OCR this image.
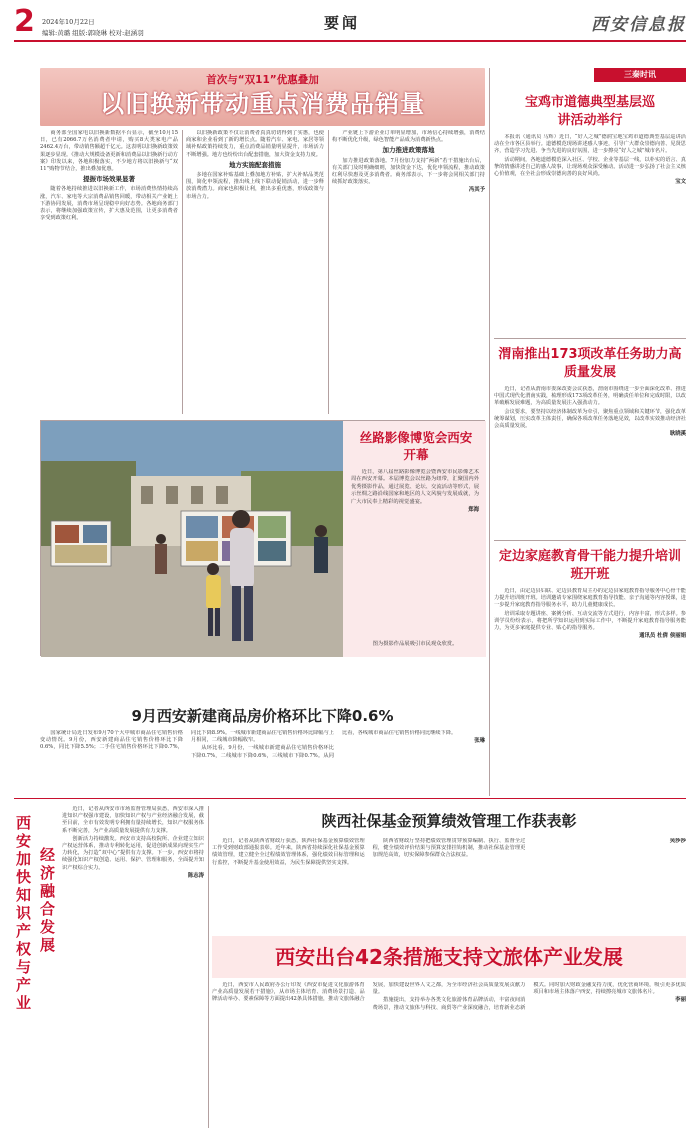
2 2024年10月22日
编辑:黄璐 组版:郭晓琳 校对:赵涵羽
要闻	西安信息报
首次与“双11”优惠叠加
以旧换新带动重点消费品销量

商务部全国家电以旧换新数据平台显示，截至10月15日，已有2066.7万名消费者申请，购买8大类家电产品2462.4万台，带动销售额超千亿元。这表明以旧换新政策效果逐步显现。《推动大规模设备更新和消费品以旧换新行动方案》印发以来，各地积极落实，不少地方将以旧换新与“双11”购物节结合，推出叠加优惠。

提振市场效果显著

随着各地持续推进以旧换新工作，市场消费热情持续高涨，汽车、家电等大宗消费品销售回暖，带动相关产业链上下游协同发展，消费市场呈现稳中向好态势。各地商务部门表示，将继续加强政策宣传，扩大惠及范围，让更多消费者享受到政策红利。

以旧换新政策不仅让消费者真真切切得到了实惠，也使商家和企业看到了新的增长点。随着汽车、家电、家居等领域补贴政策持续发力，重点消费品销量明显提升，市场活力不断增强。地方也纷纷出台配套措施，加大资金支持力度。

地方实施配套措施

多地在国家补贴基础上叠加地方补贴，扩大补贴品类范围，简化申领流程，推出线上线下联动促销活动，进一步释放消费潜力。商家也积极让利，推出多重优惠，形成政策与市场合力。

产业链上下游企业订单明显增加，市场信心持续增强，消费结构不断优化升级，绿色智能产品成为消费新热点。

加力推进政策落地

加力推进政策落地。7月份加力支持“两新”若干措施出台后，有关部门及时明确细则，加快资金下达，优化申领流程，推动政策红利尽快惠及更多消费者。商务部表示，下一步将会同相关部门持续抓好政策落实。

冯其予
丝路影像博览会西安开幕

近日，第八届丝路影像博览会暨西安市民影像艺术周在西安开幕。本届博览会以丝路为纽带，汇聚国内外优秀摄影作品，通过展览、论坛、交流活动等形式，展示丝绸之路沿线国家和地区的人文风貌与发展成就，为广大市民奉上精彩的视觉盛宴。

郑海
图为摄影作品展吸引市民观众欣赏。
9月西安新建商品房价格环比下降0.6%

国家统计局近日发布9月70个大中城市商品住宅销售价格变动情况。9月份，西安新建商品住宅销售价格环比下降0.6%，同比下降5.5%；二手住宅销售价格环比下降0.7%，同比下降8.9%。一线城市新建商品住宅销售价格环比降幅与上月相同，二线城市降幅收窄。

从环比看，9月份，一线城市新建商品住宅销售价格环比下降0.7%，二线城市下降0.6%，三线城市下降0.7%。从同比看，各线城市商品住宅销售价格同比继续下降。

张琳
三秦时讯
宝鸡市道德典型基层巡讲活动举行

本报讯（通讯员 马辉）近日，“好人之城”德润宝地宝鸡市道德典型基层巡讲活动在全市各区县举行。道德模范现场讲述感人事迹，引导广大群众崇德向善、见贤思齐，营造学习先进、争当先进的良好氛围，进一步擦亮“好人之城”城市名片。

活动期间，各地道德模范深入社区、学校、企业等基层一线，以朴实的语言、真挚的情感讲述自己的感人故事，让现场观众深受触动。活动进一步弘扬了社会主义核心价值观，在全社会形成崇德向善的良好风尚。

宝文
渭南推出173项改革任务助力高质量发展

近日，记者从渭南市委深改委会议获悉，渭南市围绕进一步全面深化改革、推进中国式现代化渭南实践，梳理形成173项改革任务，明确责任单位和完成时限，以改革破解发展难题，为高质量发展注入强劲动力。

会议要求，要坚持以经济体制改革为牵引，聚焦重点领域和关键环节，强化改革统筹谋划，压实改革主体责任，确保各项改革任务落地见效，以改革实效推动经济社会高质量发展。

耿晓溪
定边家庭教育骨干能力提升培训班开班

近日，由定边县妇联、定边县教育局主办的定边县家庭教育指导服务中心骨干能力提升培训班开班。培训邀请专家围绕家庭教育指导技能、亲子沟通等内容授课，进一步提升家庭教育指导服务水平，助力儿童健康成长。

培训采取专题讲座、案例分析、互动交流等方式进行，内容丰富，形式多样。参训学员纷纷表示，将把所学知识运用到实际工作中，不断提升家庭教育指导服务能力，为更多家庭提供专业、贴心的指导服务。

通讯员 杜倩 侯丽娟
西安加快知识产权与产业
经济融合发展

近日，记者从西安市市场监督管理局获悉，西安市深入推进知识产权强市建设，加快知识产权与产业经济融合发展，截至目前，全市有效发明专利拥有量持续增长，知识产权服务体系不断完善，为产业高质量发展提供有力支撑。

创新活力持续激发。西安市支持高校院所、企业建立知识产权运营体系，推动专利转化运用，促进创新成果向现实生产力转化，为打造“双中心”提供有力支撑。下一步，西安市将持续强化知识产权创造、运用、保护、管理和服务，全面提升知识产权综合实力。

陈志涛
陕西社保基金预算绩效管理工作获表彰

近日，记者从陕西省财政厅获悉，陕西社保基金预算绩效管理工作受到财政部通报表彰。近年来，陕西省持续深化社保基金预算绩效管理，建立健全全过程绩效管理体系，强化绩效目标管理和运行监控，不断提升基金使用效益，为民生保障提供坚实支撑。

陕西省财政厅坚持把绩效管理贯穿预算编制、执行、监督全过程，健全绩效评价结果与预算安排挂钩机制，推动社保基金管理更加规范高效，切实保障参保群众合法权益。

吴莎莎
西安出台42条措施支持文旅体产业发展

近日，西安市人民政府办公厅印发《西安市促进文化旅游体育产业高质量发展若干措施》，从市场主体培育、消费场景打造、品牌活动举办、要素保障等方面提出42条具体措施，推动文旅体融合发展，加快建设世界人文之都，为全市经济社会高质量发展贡献力量。

措施提出，支持举办各类文化旅游体育品牌活动，丰富夜间消费场景，推动文旅体与科技、商贸等产业深度融合，培育新业态新模式。同时加大财政金融支持力度，优化营商环境，吸引更多优质项目和市场主体落户西安，持续擦亮城市文旅体名片。

李丽
